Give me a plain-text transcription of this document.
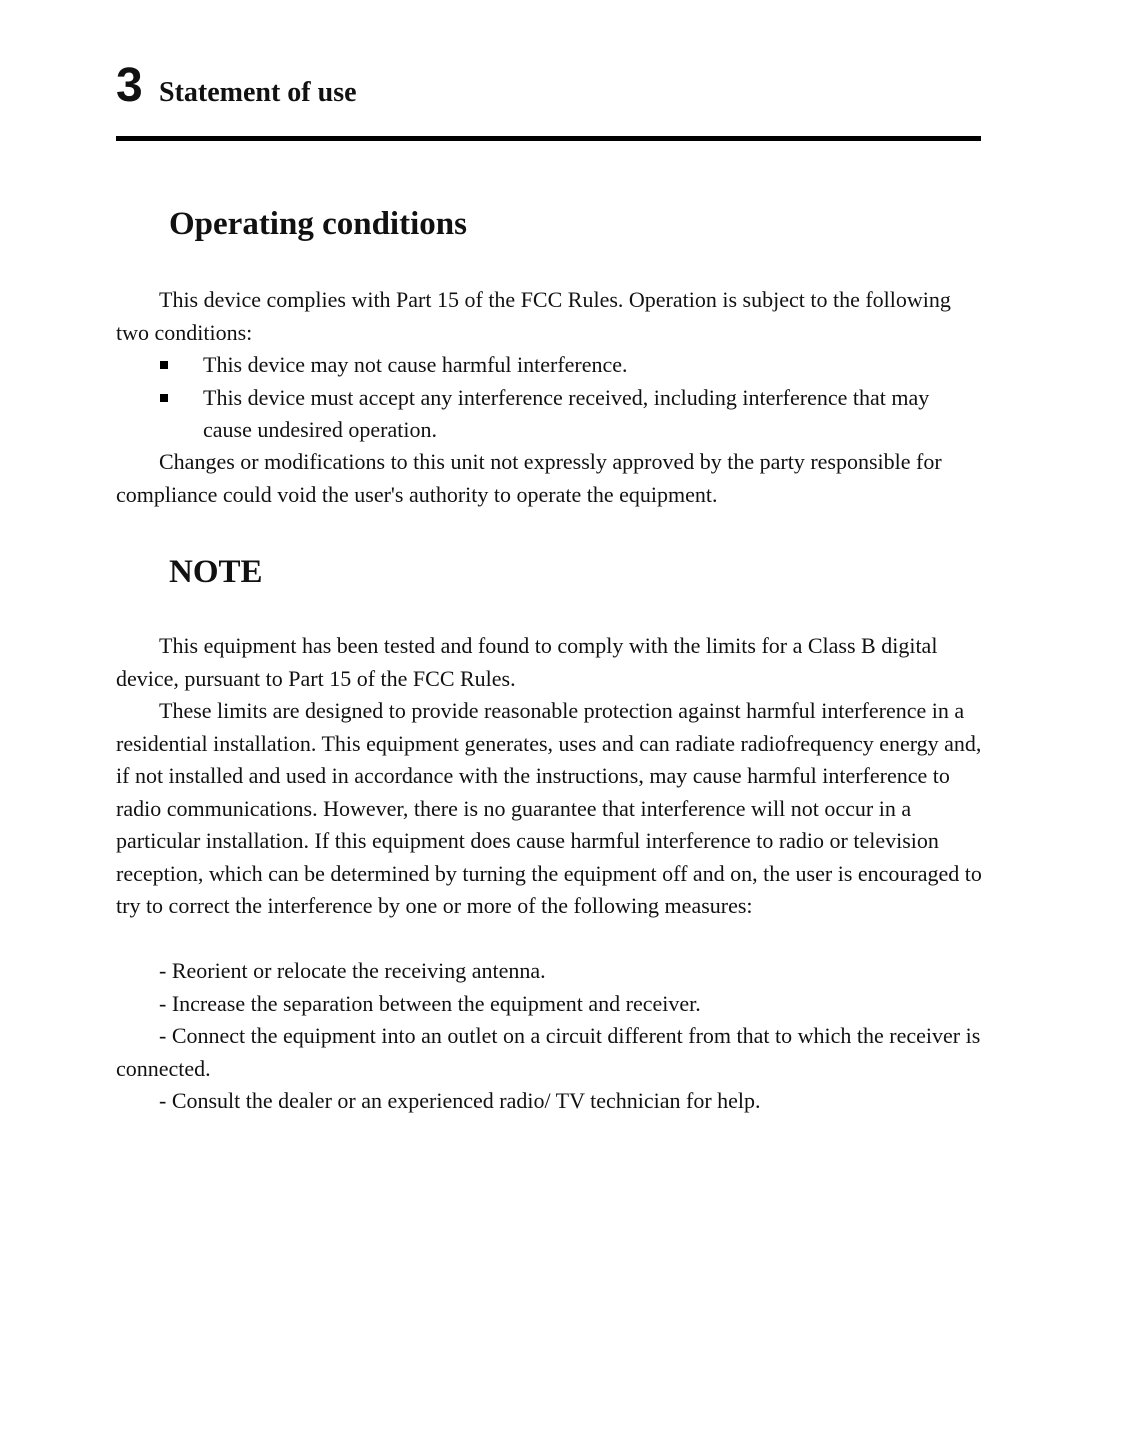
3 Statement of use
Operating conditions

This device complies with Part 15 of the FCC Rules. Operation is subject to the following two conditions:

This device may not cause harmful interference.
This device must accept any interference received, including interference that may cause undesired operation.

Changes or modifications to this unit not expressly approved by the party responsible for compliance could void the user's authority to operate the equipment.

NOTE

This equipment has been tested and found to comply with the limits for a Class B digital device, pursuant to Part 15 of the FCC Rules.

These limits are designed to provide reasonable protection against harmful interference in a residential installation. This equipment generates, uses and can radiate radiofrequency energy and, if not installed and used in accordance with the instructions, may cause harmful interference to radio communications. However, there is no guarantee that interference will not occur in a particular installation. If this equipment does cause harmful interference to radio or television reception, which can be determined by turning the equipment off and on, the user is encouraged to try to correct the interference by one or more of the following measures:

- Reorient or relocate the receiving antenna.

- Increase the separation between the equipment and receiver.

- Connect the equipment into an outlet on a circuit different from that to which the receiver is connected.

- Consult the dealer or an experienced radio/ TV technician for help.
